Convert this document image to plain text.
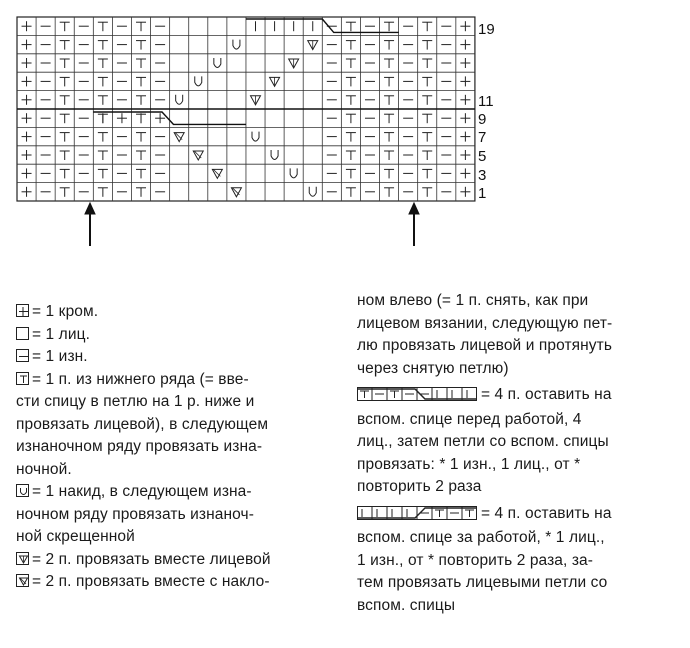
19
11
9
7
5
3
1

= 1 кром.

= 1 лиц.

= 1 изн.

= 1 п. из нижнего ряда (= вве-
сти спицу в петлю на 1 р. ниже и
провязать лицевой), в следующем
изнаночном ряду провязать изна-
ночной.

= 1 накид, в следующем изна-
ночном ряду провязать изнаноч-
ной скрещенной

= 2 п. провязать вместе лицевой

= 2 п. провязать вместе с накло-

ном влево (= 1 п. снять, как при
лицевом вязании, следующую пет-
лю провязать лицевой и протянуть
через снятую петлю)

= 4 п. оставить на
вспом. спице перед работой, 4
лиц., затем петли со вспом. спицы
провязать: * 1 изн., 1 лиц., от *
повторить 2 раза

= 4 п. оставить на
вспом. спице за работой, * 1 лиц.,
1 изн., от * повторить 2 раза, за-
тем провязать лицевыми петли со
вспом. спицы
